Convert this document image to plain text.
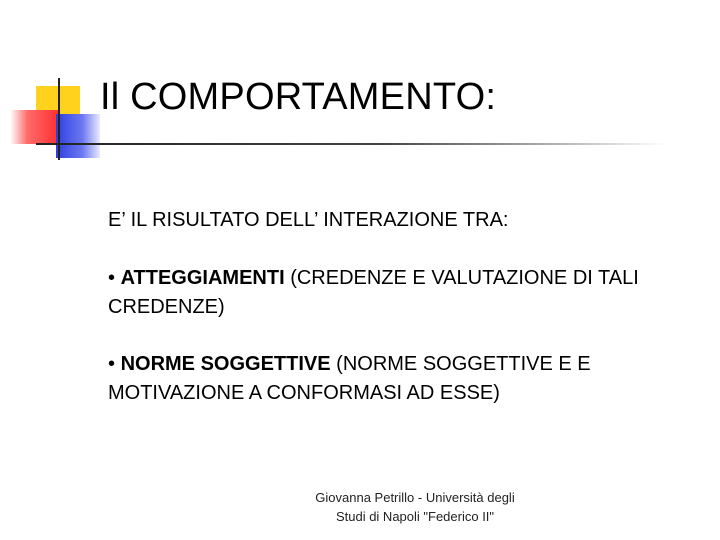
Il COMPORTAMENTO:

E’ IL RISULTATO DELL’ INTERAZIONE TRA:

• ATTEGGIAMENTI (CREDENZE E VALUTAZIONE DI TALI CREDENZE)

• NORME SOGGETTIVE (NORME SOGGETTIVE E E MOTIVAZIONE A CONFORMASI AD ESSE)

Giovanna Petrillo - Università degli
Studi di Napoli "Federico II"
